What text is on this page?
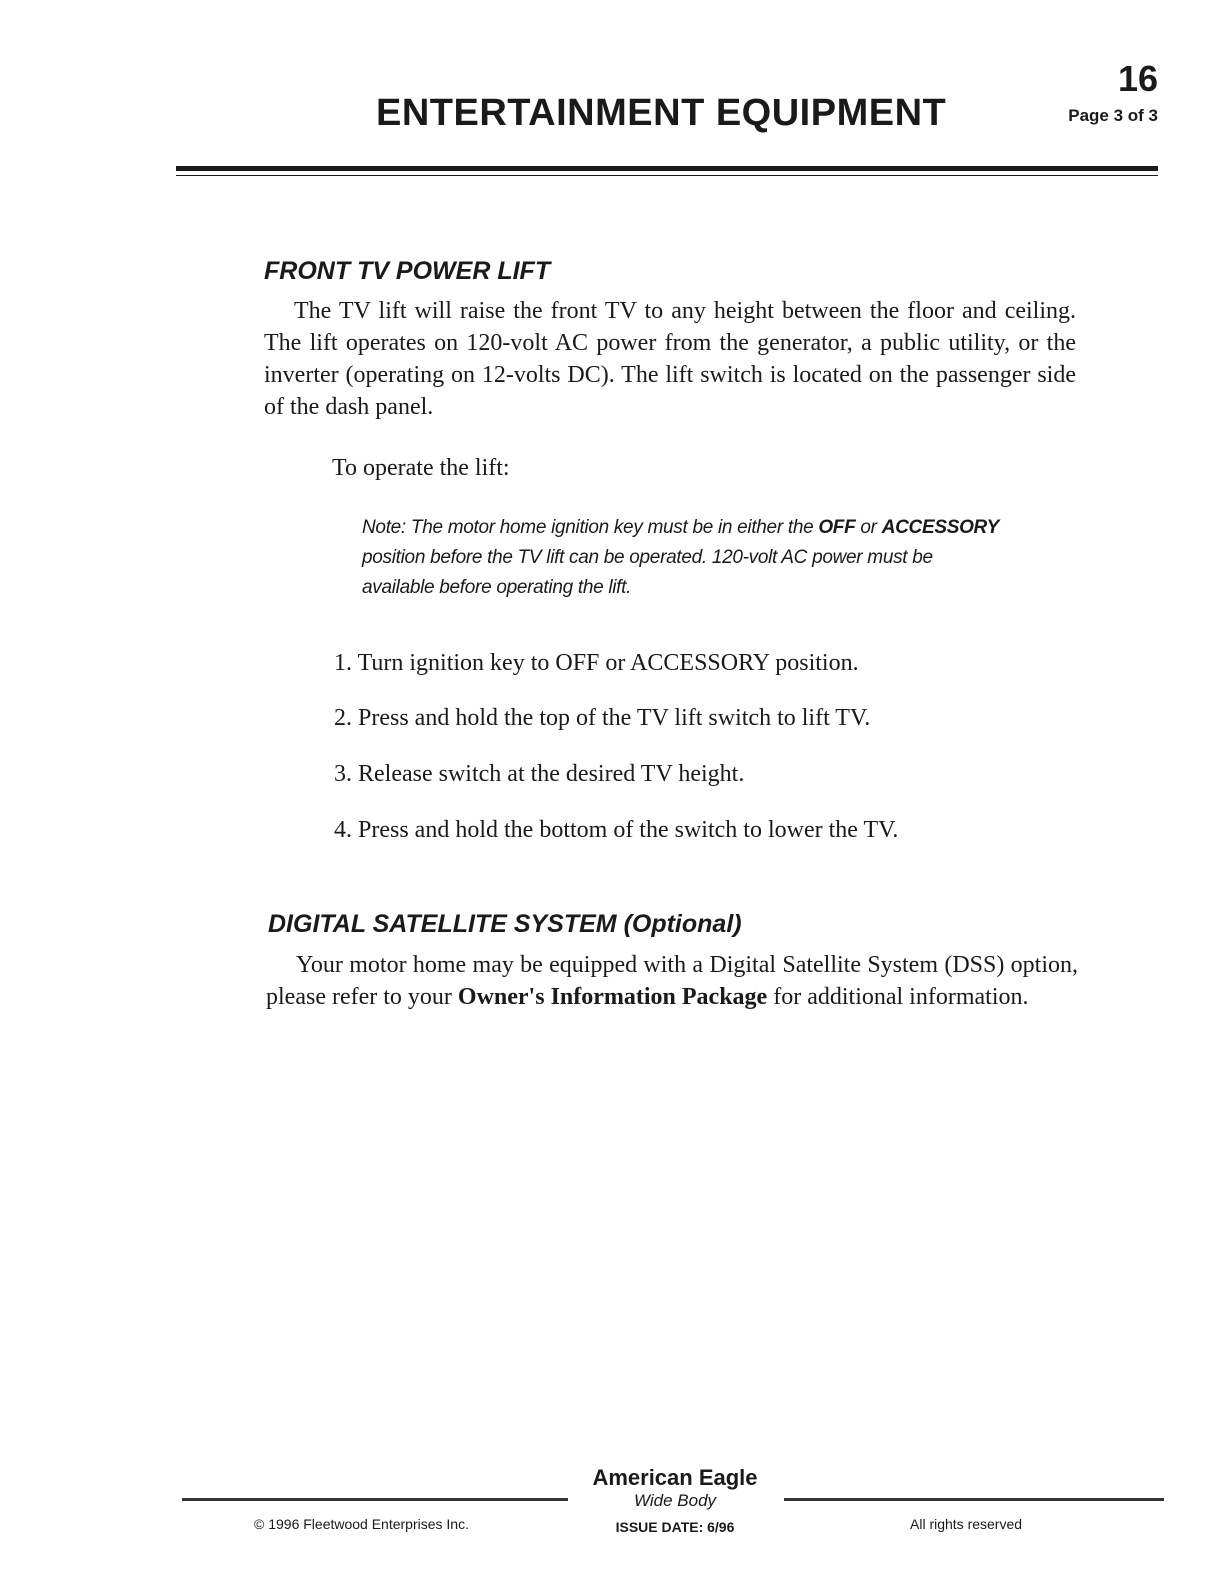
ENTERTAINMENT EQUIPMENT
16
Page 3 of 3
FRONT TV POWER LIFT
The TV lift will raise the front TV to any height between the floor and ceiling. The lift operates on 120-volt AC power from the generator, a public utility, or the inverter (operating on 12-volts DC). The lift switch is located on the passenger side of the dash panel.
To operate the lift:
Note: The motor home ignition key must be in either the OFF or ACCESSORY position before the TV lift can be operated. 120-volt AC power must be available before operating the lift.
1. Turn ignition key to OFF or ACCESSORY position.
2. Press and hold the top of the TV lift switch to lift TV.
3. Release switch at the desired TV height.
4. Press and hold the bottom of the switch to lower the TV.
DIGITAL SATELLITE SYSTEM (Optional)
Your motor home may be equipped with a Digital Satellite System (DSS) option, please refer to your Owner's Information Package for additional information.
American Eagle
Wide Body
© 1996 Fleetwood Enterprises Inc.	ISSUE DATE: 6/96	All rights reserved
